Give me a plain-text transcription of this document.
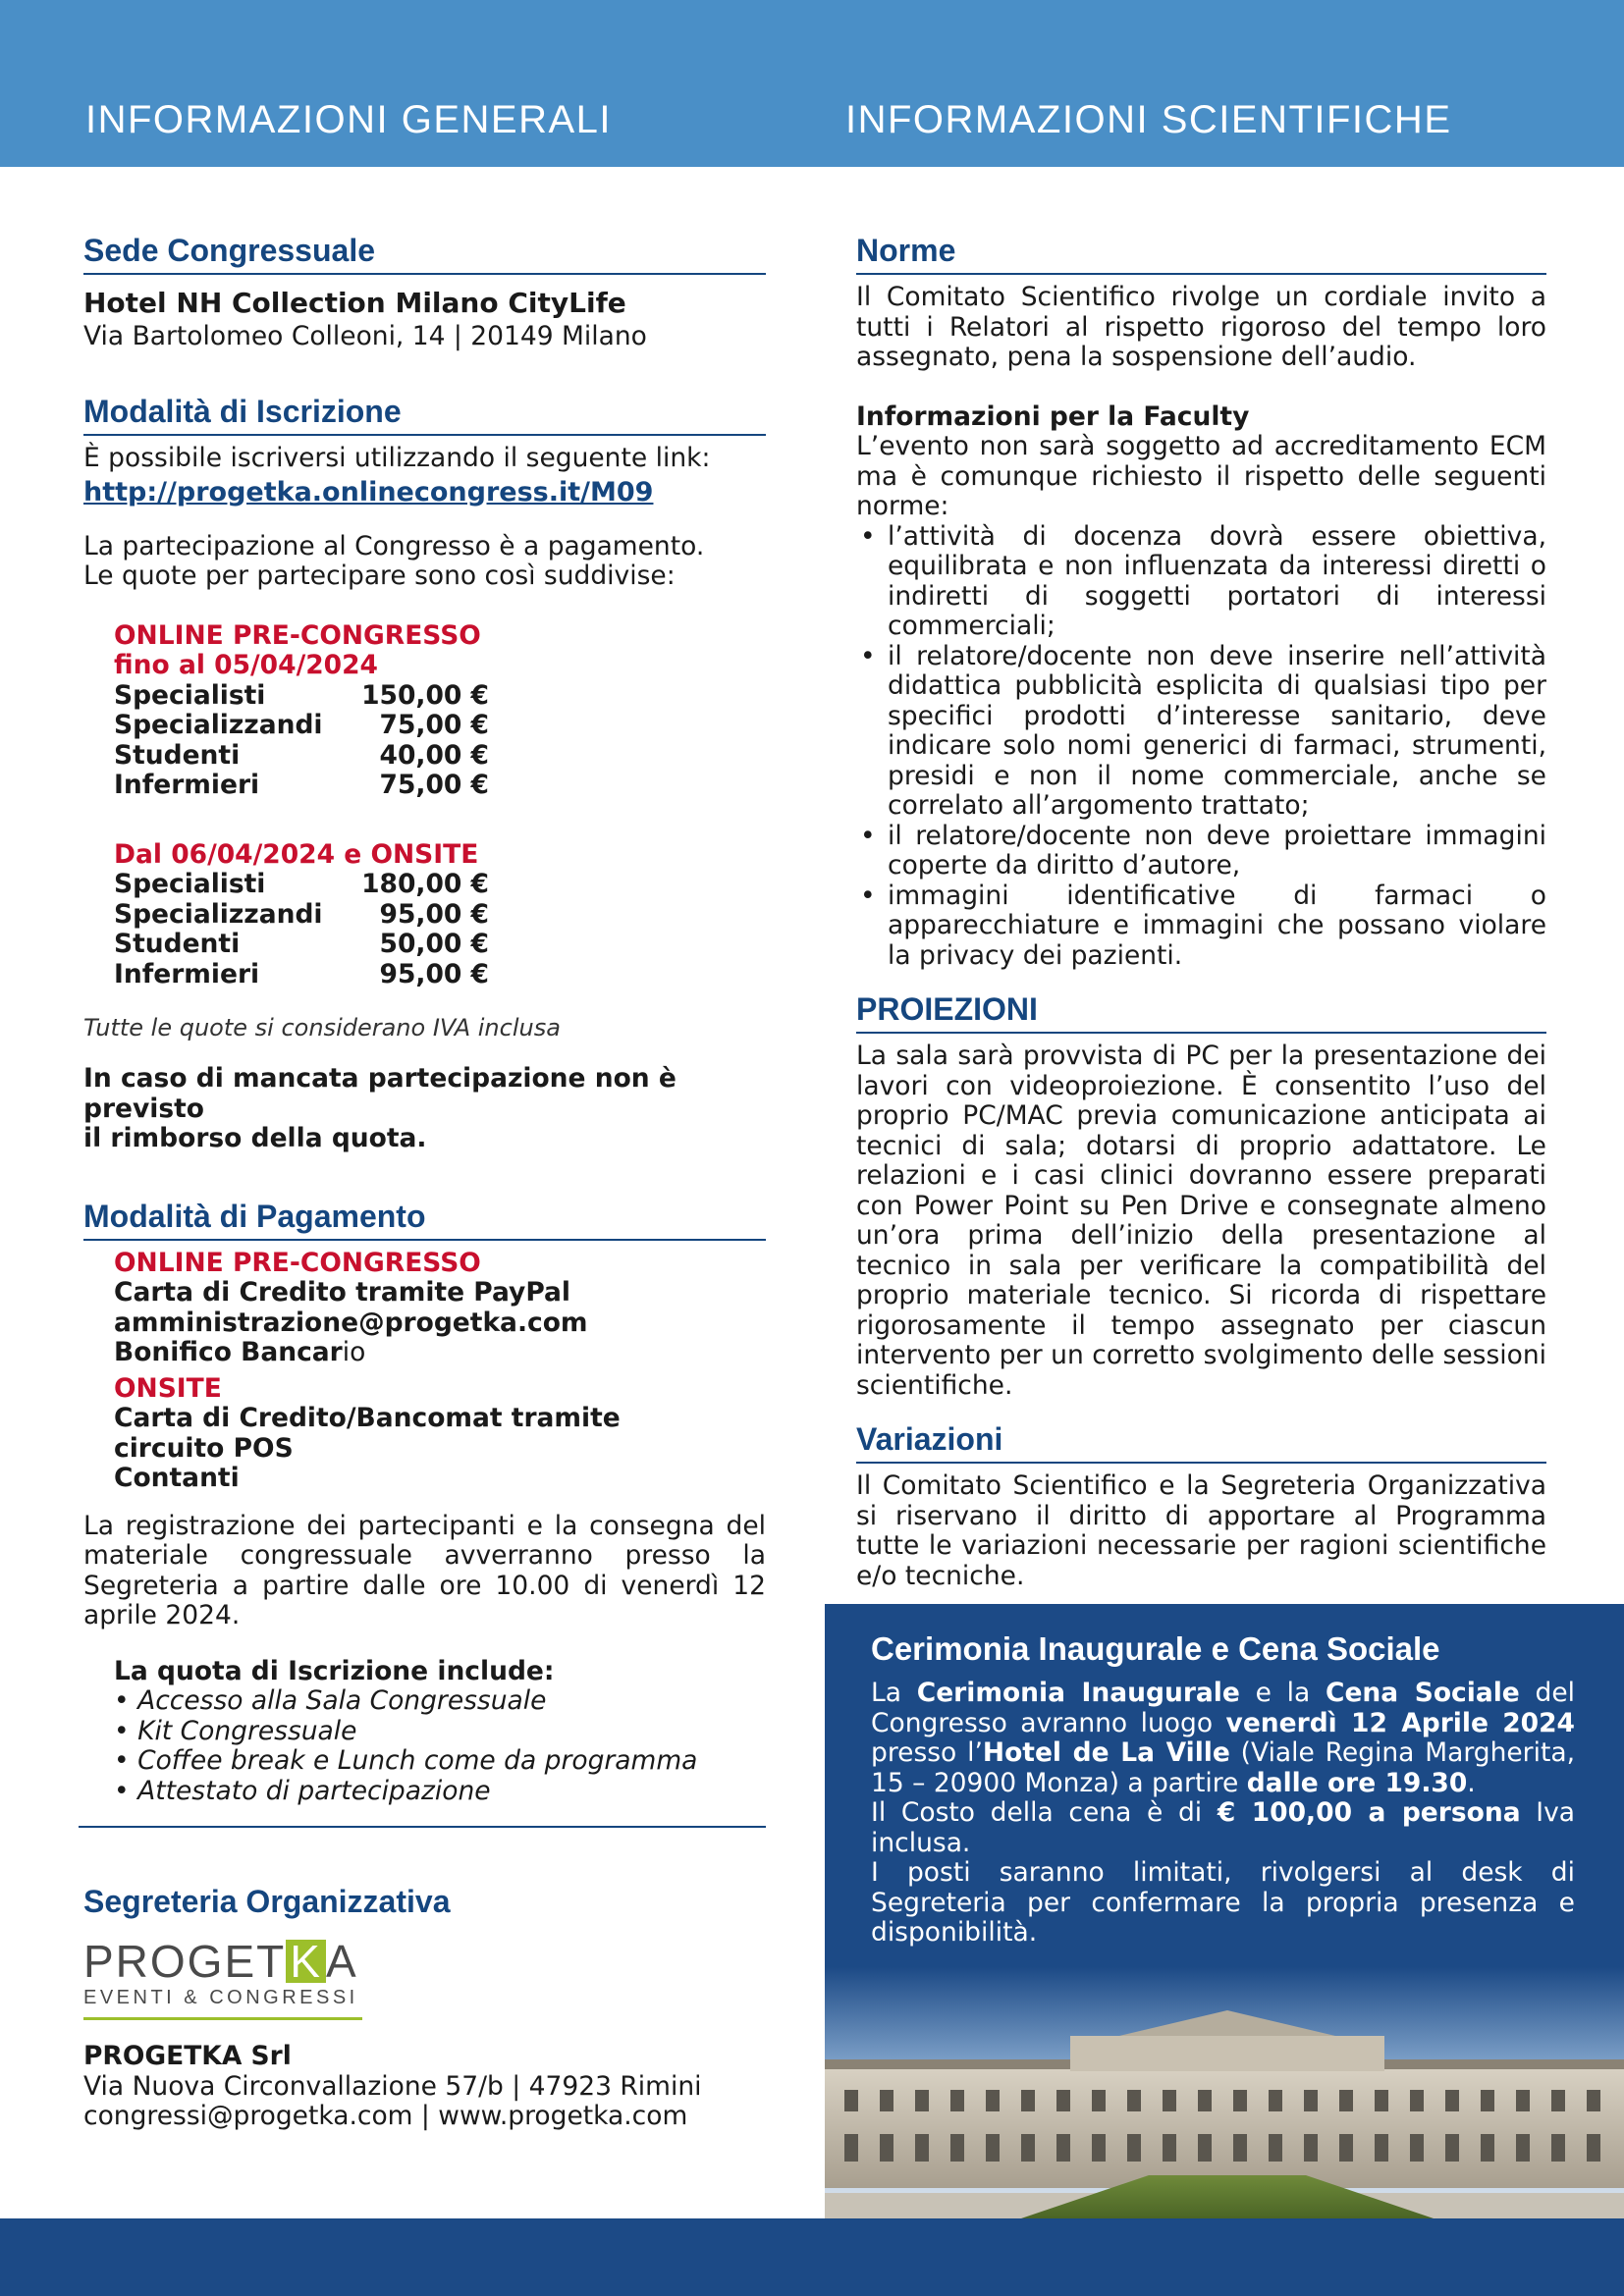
INFORMAZIONI GENERALI	INFORMAZIONI SCIENTIFICHE
Sede Congressuale
Hotel NH Collection Milano CityLife
Via Bartolomeo Colleoni, 14 | 20149 Milano
Modalità di Iscrizione
È possibile iscriversi utilizzando il seguente link:
http://progetka.onlinecongress.it/M09
La partecipazione al Congresso è a pagamento.
Le quote per partecipare sono così suddivise:
ONLINE PRE-CONGRESSO
fino al 05/04/2024
Specialisti	150,00 €
Specializzandi 75,00 €
Studenti	40,00 €
Infermieri	75,00 €
Dal 06/04/2024 e ONSITE
Specialisti	180,00 €
Specializzandi 95,00 €
Studenti	50,00 €
Infermieri	95,00 €
Tutte le quote si considerano IVA inclusa
In caso di mancata partecipazione non è previsto
il rimborso della quota.
Modalità di Pagamento
ONLINE PRE-CONGRESSO
Carta di Credito tramite PayPal
amministrazione@progetka.com
Bonifico Bancario
ONSITE
Carta di Credito/Bancomat tramite
circuito POS
Contanti
La registrazione dei partecipanti e la consegna del materiale congressuale avverranno presso la Segreteria a partire dalle ore 10.00 di venerdì 12 aprile 2024.
La quota di Iscrizione include:
• Accesso alla Sala Congressuale
• Kit Congressuale
• Coffee break e Lunch come da programma
• Attestato di partecipazione
Segreteria Organizzativa
PROGETKA
EVENTI & CONGRESSI
PROGETKA Srl
Via Nuova Circonvallazione 57/b | 47923 Rimini
congressi@progetka.com | www.progetka.com
Norme
Il Comitato Scientifico rivolge un cordiale invito a tutti i Relatori al rispetto rigoroso del tempo loro assegnato, pena la sospensione dell’audio.
Informazioni per la Faculty
L’evento non sarà soggetto ad accreditamento ECM ma è comunque richiesto il rispetto delle seguenti norme:
• l’attività di docenza dovrà essere obiettiva, equilibrata e non influenzata da interessi diretti o indiretti di soggetti portatori di interessi commerciali;
• il relatore/docente non deve inserire nell’attività didattica pubblicità esplicita di qualsiasi tipo per specifici prodotti d’interesse sanitario, deve indicare solo nomi generici di farmaci, strumenti, presidi e non il nome commerciale, anche se correlato all’argomento trattato;
• il relatore/docente non deve proiettare immagini coperte da diritto d’autore,
• immagini identificative di farmaci o apparecchiature e immagini che possano violare la privacy dei pazienti.
PROIEZIONI
La sala sarà provvista di PC per la presentazione dei lavori con videoproiezione. È consentito l’uso del proprio PC/MAC previa comunicazione anticipata ai tecnici di sala; dotarsi di proprio adattatore. Le relazioni e i casi clinici dovranno essere preparati con Power Point su Pen Drive e consegnate almeno un’ora prima dell’inizio della presentazione al tecnico in sala per verificare la compatibilità del proprio materiale tecnico. Si ricorda di rispettare rigorosamente il tempo assegnato per ciascun intervento per un corretto svolgimento delle sessioni scientifiche.
Variazioni
Il Comitato Scientifico e la Segreteria Organizzativa si riservano il diritto di apportare al Programma tutte le variazioni necessarie per ragioni scientifiche e/o tecniche.
Cerimonia Inaugurale e Cena Sociale
La Cerimonia Inaugurale e la Cena Sociale del Congresso avranno luogo venerdì 12 Aprile 2024 presso l’Hotel de La Ville (Viale Regina Margherita, 15 – 20900 Monza) a partire dalle ore 19.30.
Il Costo della cena è di € 100,00 a persona Iva inclusa.
I posti saranno limitati, rivolgersi al desk di Segreteria per confermare la propria presenza e disponibilità.
